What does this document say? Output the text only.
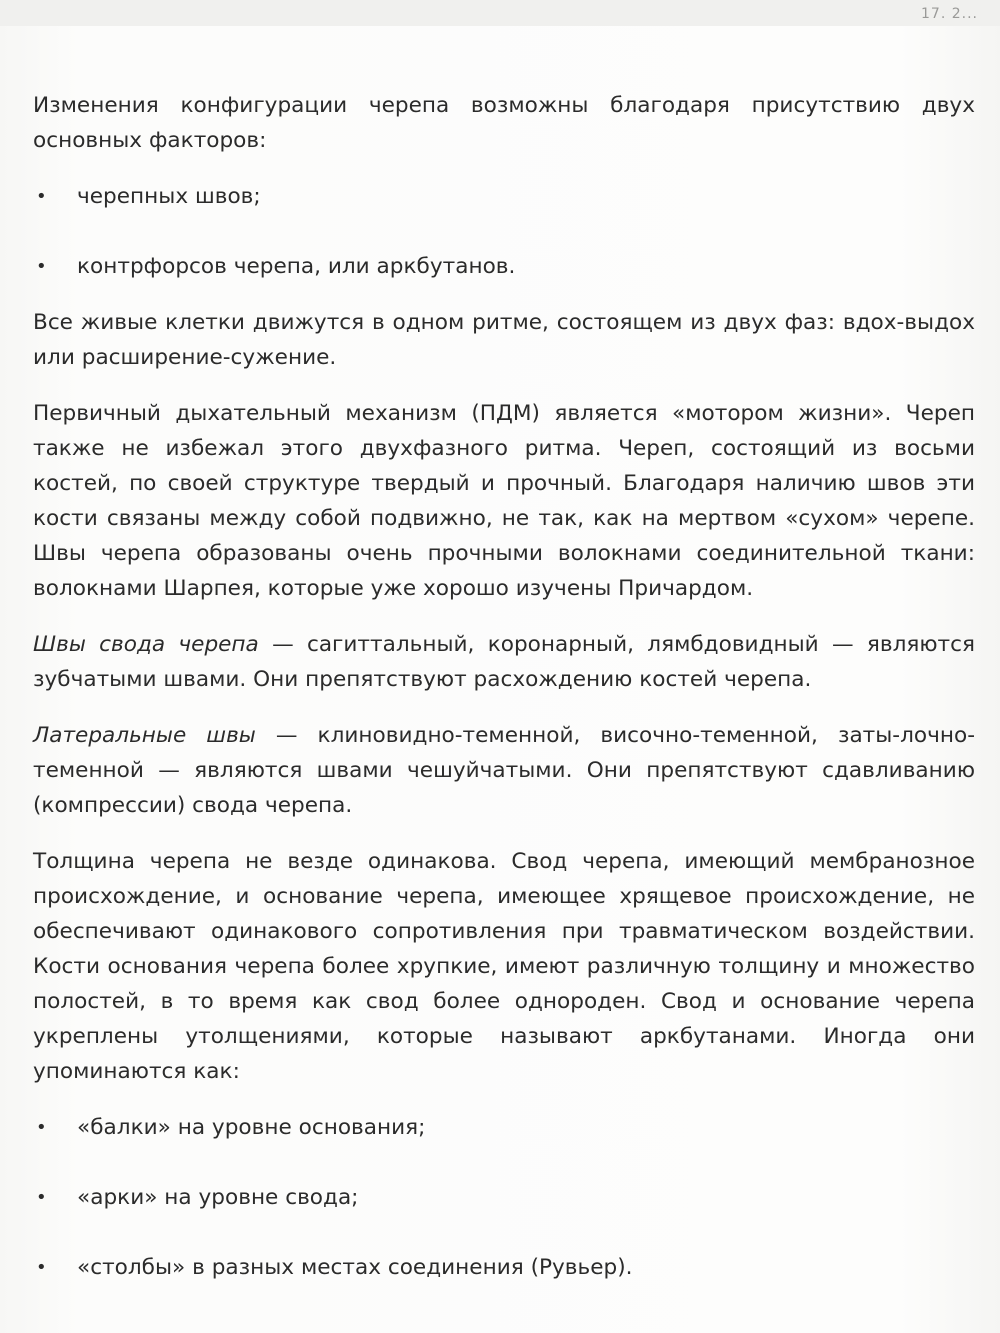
17. 2...

Изменения конфигурации черепа возможны благодаря присутствию двух основных факторов:

• черепных швов;
• контрфорсов черепа, или аркбутанов.

Все живые клетки движутся в одном ритме, состоящем из двух фаз: вдох-выдох или расширение-сужение.

Первичный дыхательный механизм (ПДМ) является «мотором жизни». Череп также не избежал этого двухфазного ритма. Череп, состоящий из восьми костей, по своей структуре твердый и прочный. Благодаря наличию швов эти кости связаны между собой подвижно, не так, как на мертвом «сухом» черепе. Швы черепа образованы очень прочными волокнами соединительной ткани: волокнами Шарпея, которые уже хорошо изучены Причардом.

Швы свода черепа — сагиттальный, коронарный, лямбдовидный — являются зубчатыми швами. Они препятствуют расхождению костей черепа.

Латеральные швы — клиновидно-теменной, височно-теменной, заты-лочно-теменной — являются швами чешуйчатыми. Они препятствуют сдавливанию (компрессии) свода черепа.

Толщина черепа не везде одинакова. Свод черепа, имеющий мембранозное происхождение, и основание черепа, имеющее хрящевое происхождение, не обеспечивают одинакового сопротивления при травматическом воздействии. Кости основания черепа более хрупкие, имеют различную толщину и множество полостей, в то время как свод более однороден. Свод и основание черепа укреплены утолщениями, которые называют аркбутанами. Иногда они упоминаются как:

• «балки» на уровне основания;
• «арки» на уровне свода;
• «столбы» в разных местах соединения (Рувьер).
